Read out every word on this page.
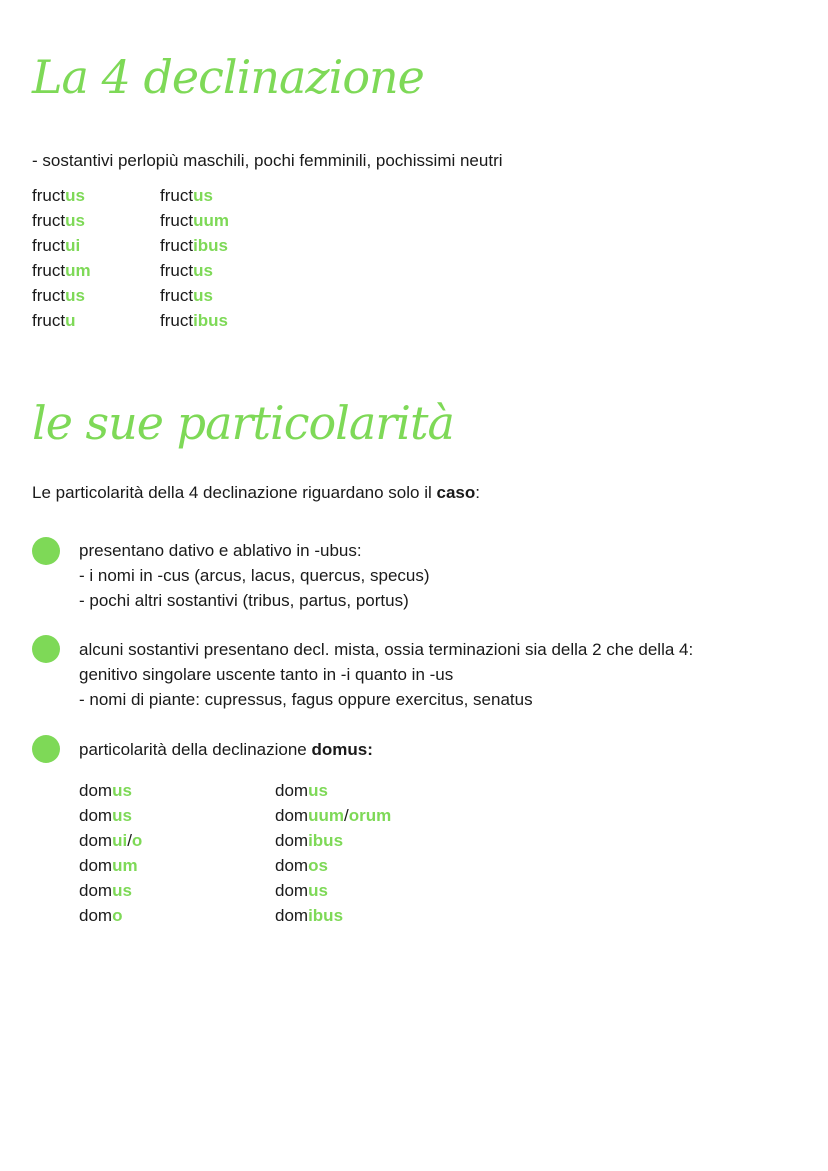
La 4 declinazione

- sostantivi perlopiù maschili, pochi femminili, pochissimi neutri

fructus
fructus
fructui
fructum
fructus
fructu
fructus
fructuum
fructibus
fructus
fructus
fructibus
le sue particolarità

Le particolarità della 4 declinazione riguardano solo il caso:

presentano dativo e ablativo in -ubus:
- i nomi in -cus (arcus, lacus, quercus, specus)
- pochi altri sostantivi (tribus, partus, portus)
alcuni sostantivi presentano decl. mista, ossia terminazioni sia della 2 che della 4:
genitivo singolare uscente tanto in -i quanto in -us
- nomi di piante: cupressus, fagus oppure exercitus, senatus

particolarità della declinazione domus:

domus
domus
domui/o
domum
domus
domo
domus
domuum/orum
domibus
domos
domus
domibus
